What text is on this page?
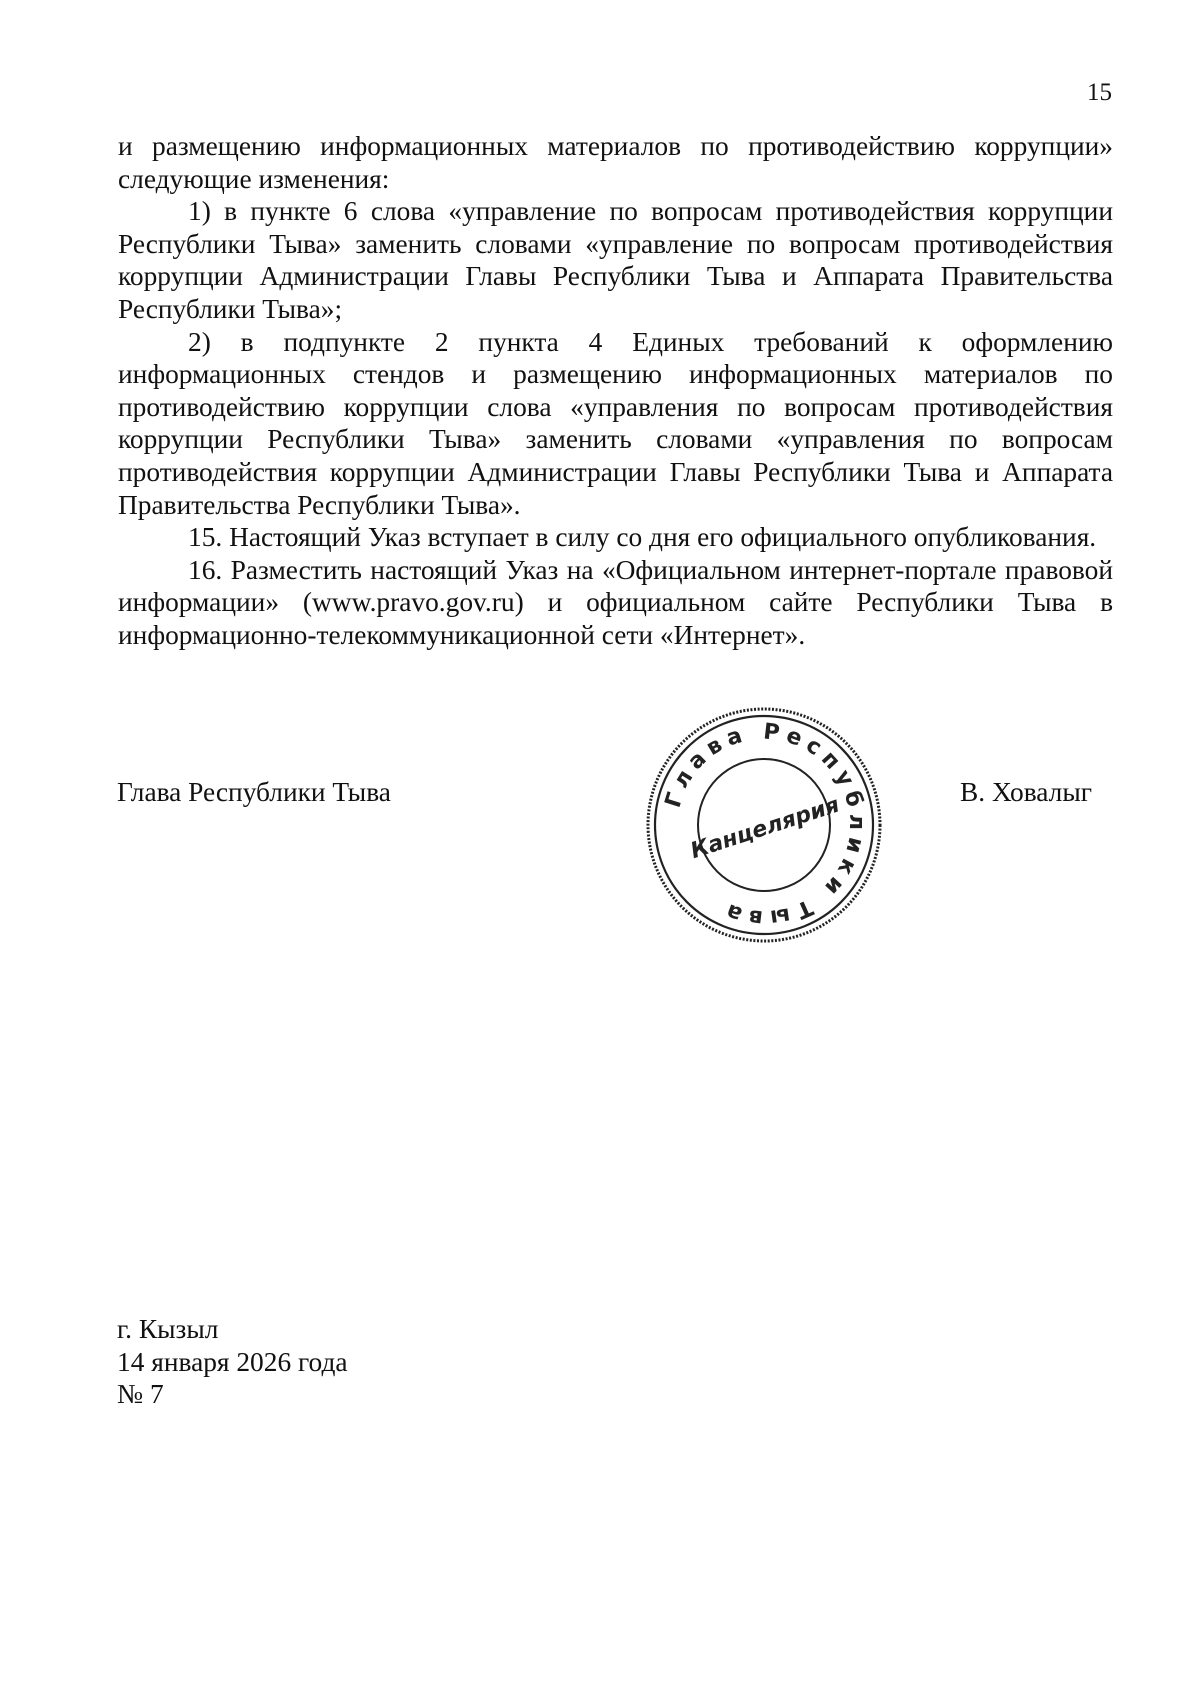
15

и размещению информационных материалов по противодействию коррупции» следующие изменения:

1) в пункте 6 слова «управление по вопросам противодействия коррупции Республики Тыва» заменить словами «управление по вопросам противодействия коррупции Администрации Главы Республики Тыва и Аппарата Правительства Республики Тыва»;

2) в подпункте 2 пункта 4 Единых требований к оформлению информационных стендов и размещению информационных материалов по противодействию коррупции слова «управления по вопросам противодействия коррупции Республики Тыва» заменить словами «управления по вопросам противодействия коррупции Администрации Главы Республики Тыва и Аппарата Правительства Республики Тыва».

15. Настоящий Указ вступает в силу со дня его официального опубликования.

16. Разместить настоящий Указ на «Официальном интернет-портале правовой информации» (www.pravo.gov.ru) и официальном сайте Республики Тыва в информационно-телекоммуникационной сети «Интернет».

Глава Республики Тыва	Глава Республики Тыва
Канцелярия
В. Ховалыг
г. Кызыл
14 января 2026 года
№ 7
